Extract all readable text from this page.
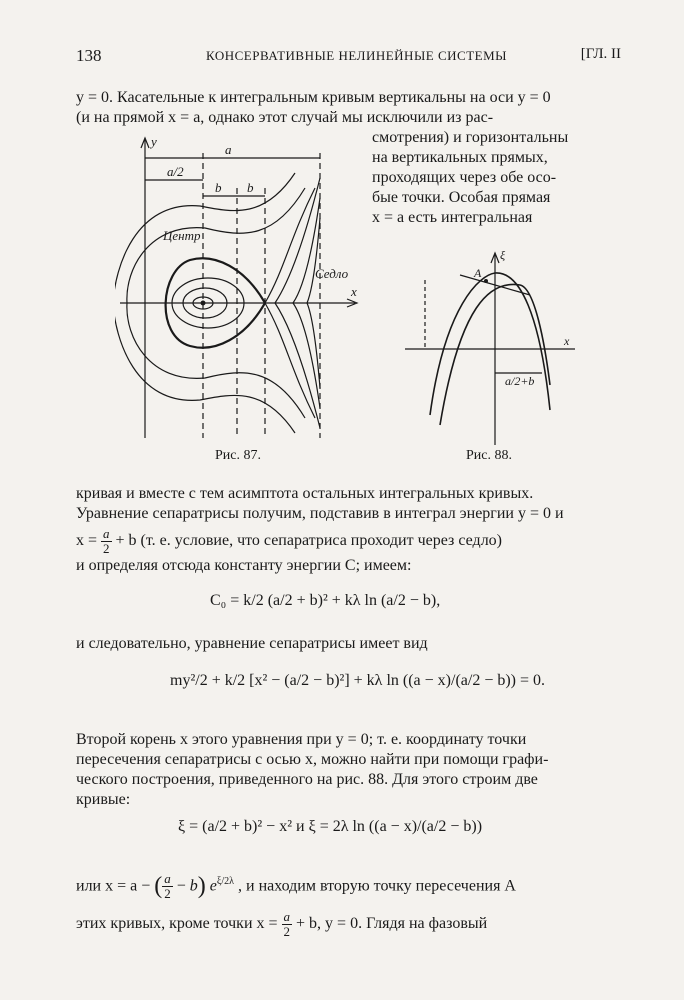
138	КОНСЕРВАТИВНЫЕ НЕЛИНЕЙНЫЕ СИСТЕМЫ	[ГЛ. II
y = 0. Касательные к интегральным кривым вертикальны на оси y = 0
(и на прямой x = a, однако этот случай мы исключили из рас-
смотрения) и горизонтальны
на вертикальных прямых,
проходящих через обе осо-
бые точки. Особая прямая
x = a есть интегральная
y
x
a
a/2
b b
Центр
Седло
Рис. 87.
ξ
x
A
a/2+b
Рис. 88.
кривая и вместе с тем асимптота остальных интегральных кривых.
Уравнение сепаратрисы получим, подставив в интеграл энергии y = 0 и
$x = \frac{a}{2} + b$ (т. е. условие, что сепаратриса проходит через седло)
и определяя отсюда константу энергии C; имеем:
C₀ = k/2 (a/2 + b)² + kλ ln (a/2 − b),
и следовательно, уравнение сепаратрисы имеет вид
my²/2 + k/2 [x² − (a/2 − b)²] + kλ ln ((a − x)/(a/2 − b)) = 0.
Второй корень x этого уравнения при y = 0; т. е. координату точки
пересечения сепаратрисы с осью x, можно найти при помощи графи-
ческого построения, приведенного на рис. 88. Для этого строим две
кривые:
ξ = (a/2 + b)² − x² и ξ = 2λ ln ((a − x)/(a/2 − b))
или x = a − ( $\frac{a}{2} - b$) $e^{\xi/2\lambda}$ , и находим вторую точку пересечения A
этих кривых, кроме точки $x = \frac{a}{2} + b$, y = 0. Глядя на фазовый
